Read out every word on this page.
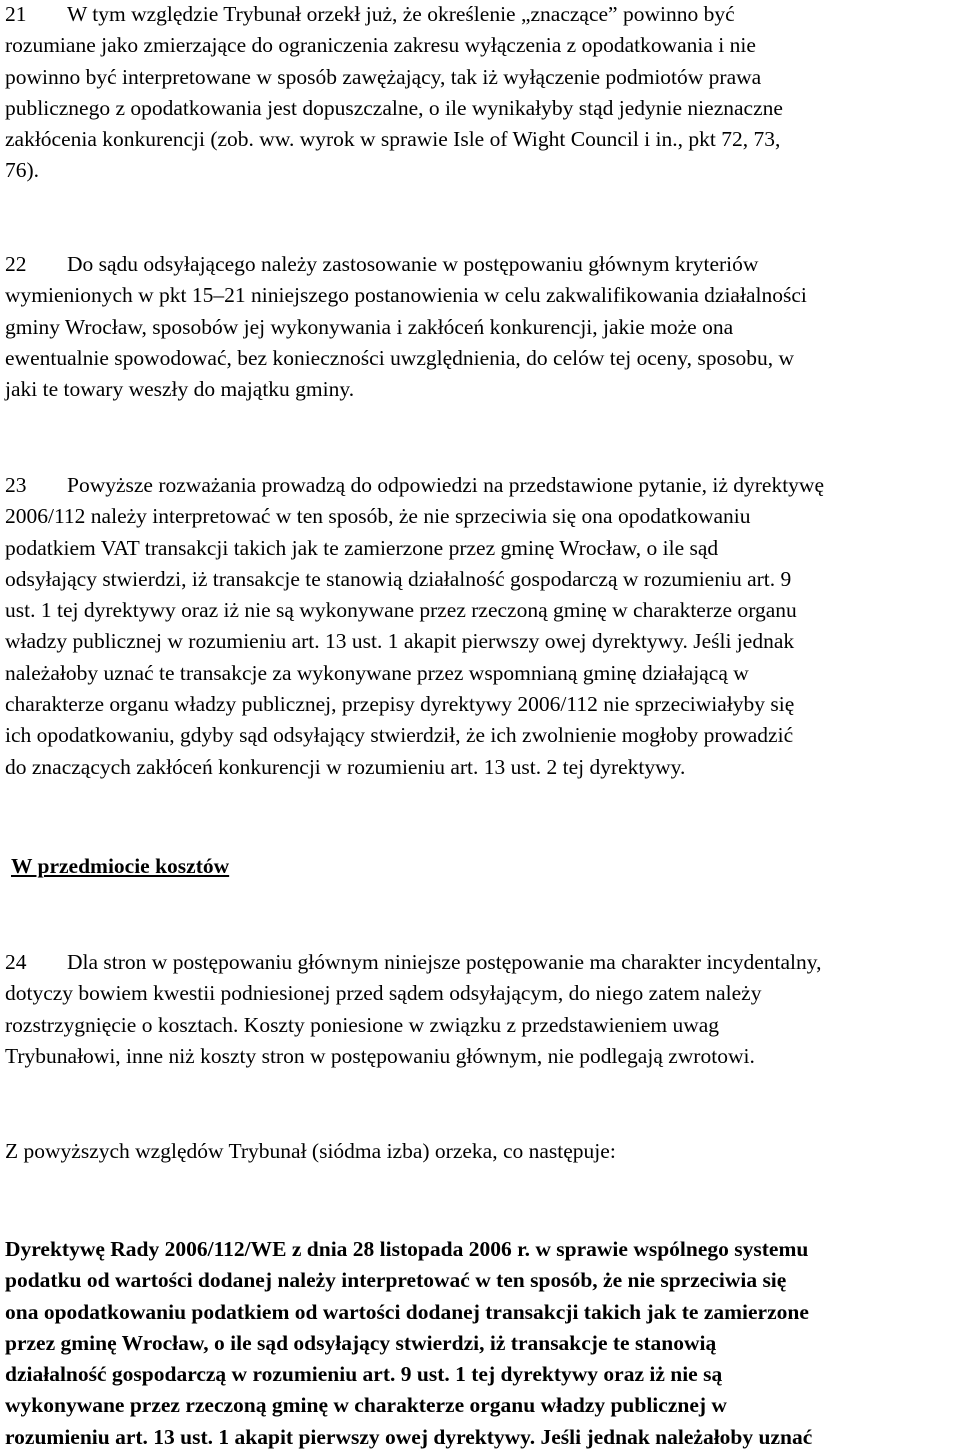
21 W tym względzie Trybunał orzekł już, że określenie „znaczące” powinno być
rozumiane jako zmierzające do ograniczenia zakresu wyłączenia z opodatkowania i nie
powinno być interpretowane w sposób zawężający, tak iż wyłączenie podmiotów prawa
publicznego z opodatkowania jest dopuszczalne, o ile wynikałyby stąd jedynie nieznaczne
zakłócenia konkurencji (zob. ww. wyrok w sprawie Isle of Wight Council i in., pkt 72, 73,
76).
22 Do sądu odsyłającego należy zastosowanie w postępowaniu głównym kryteriów
wymienionych w pkt 15–21 niniejszego postanowienia w celu zakwalifikowania działalności
gminy Wrocław, sposobów jej wykonywania i zakłóceń konkurencji, jakie może ona
ewentualnie spowodować, bez konieczności uwzględnienia, do celów tej oceny, sposobu, w
jaki te towary weszły do majątku gminy.
23 Powyższe rozważania prowadzą do odpowiedzi na przedstawione pytanie, iż dyrektywę
2006/112 należy interpretować w ten sposób, że nie sprzeciwia się ona opodatkowaniu
podatkiem VAT transakcji takich jak te zamierzone przez gminę Wrocław, o ile sąd
odsyłający stwierdzi, iż transakcje te stanowią działalność gospodarczą w rozumieniu art. 9
ust. 1 tej dyrektywy oraz iż nie są wykonywane przez rzeczoną gminę w charakterze organu
władzy publicznej w rozumieniu art. 13 ust. 1 akapit pierwszy owej dyrektywy. Jeśli jednak
należałoby uznać te transakcje za wykonywane przez wspomnianą gminę działającą w
charakterze organu władzy publicznej, przepisy dyrektywy 2006/112 nie sprzeciwiałyby się
ich opodatkowaniu, gdyby sąd odsyłający stwierdził, że ich zwolnienie mogłoby prowadzić
do znaczących zakłóceń konkurencji w rozumieniu art. 13 ust. 2 tej dyrektywy.
W przedmiocie kosztów
24 Dla stron w postępowaniu głównym niniejsze postępowanie ma charakter incydentalny,
dotyczy bowiem kwestii podniesionej przed sądem odsyłającym, do niego zatem należy
rozstrzygnięcie o kosztach. Koszty poniesione w związku z przedstawieniem uwag
Trybunałowi, inne niż koszty stron w postępowaniu głównym, nie podlegają zwrotowi.
Z powyższych względów Trybunał (siódma izba) orzeka, co następuje:
Dyrektywę Rady 2006/112/WE z dnia 28 listopada 2006 r. w sprawie wspólnego systemu
podatku od wartości dodanej należy interpretować w ten sposób, że nie sprzeciwia się
ona opodatkowaniu podatkiem od wartości dodanej transakcji takich jak te zamierzone
przez gminę Wrocław, o ile sąd odsyłający stwierdzi, iż transakcje te stanowią
działalność gospodarczą w rozumieniu art. 9 ust. 1 tej dyrektywy oraz iż nie są
wykonywane przez rzeczoną gminę w charakterze organu władzy publicznej w
rozumieniu art. 13 ust. 1 akapit pierwszy owej dyrektywy. Jeśli jednak należałoby uznać
